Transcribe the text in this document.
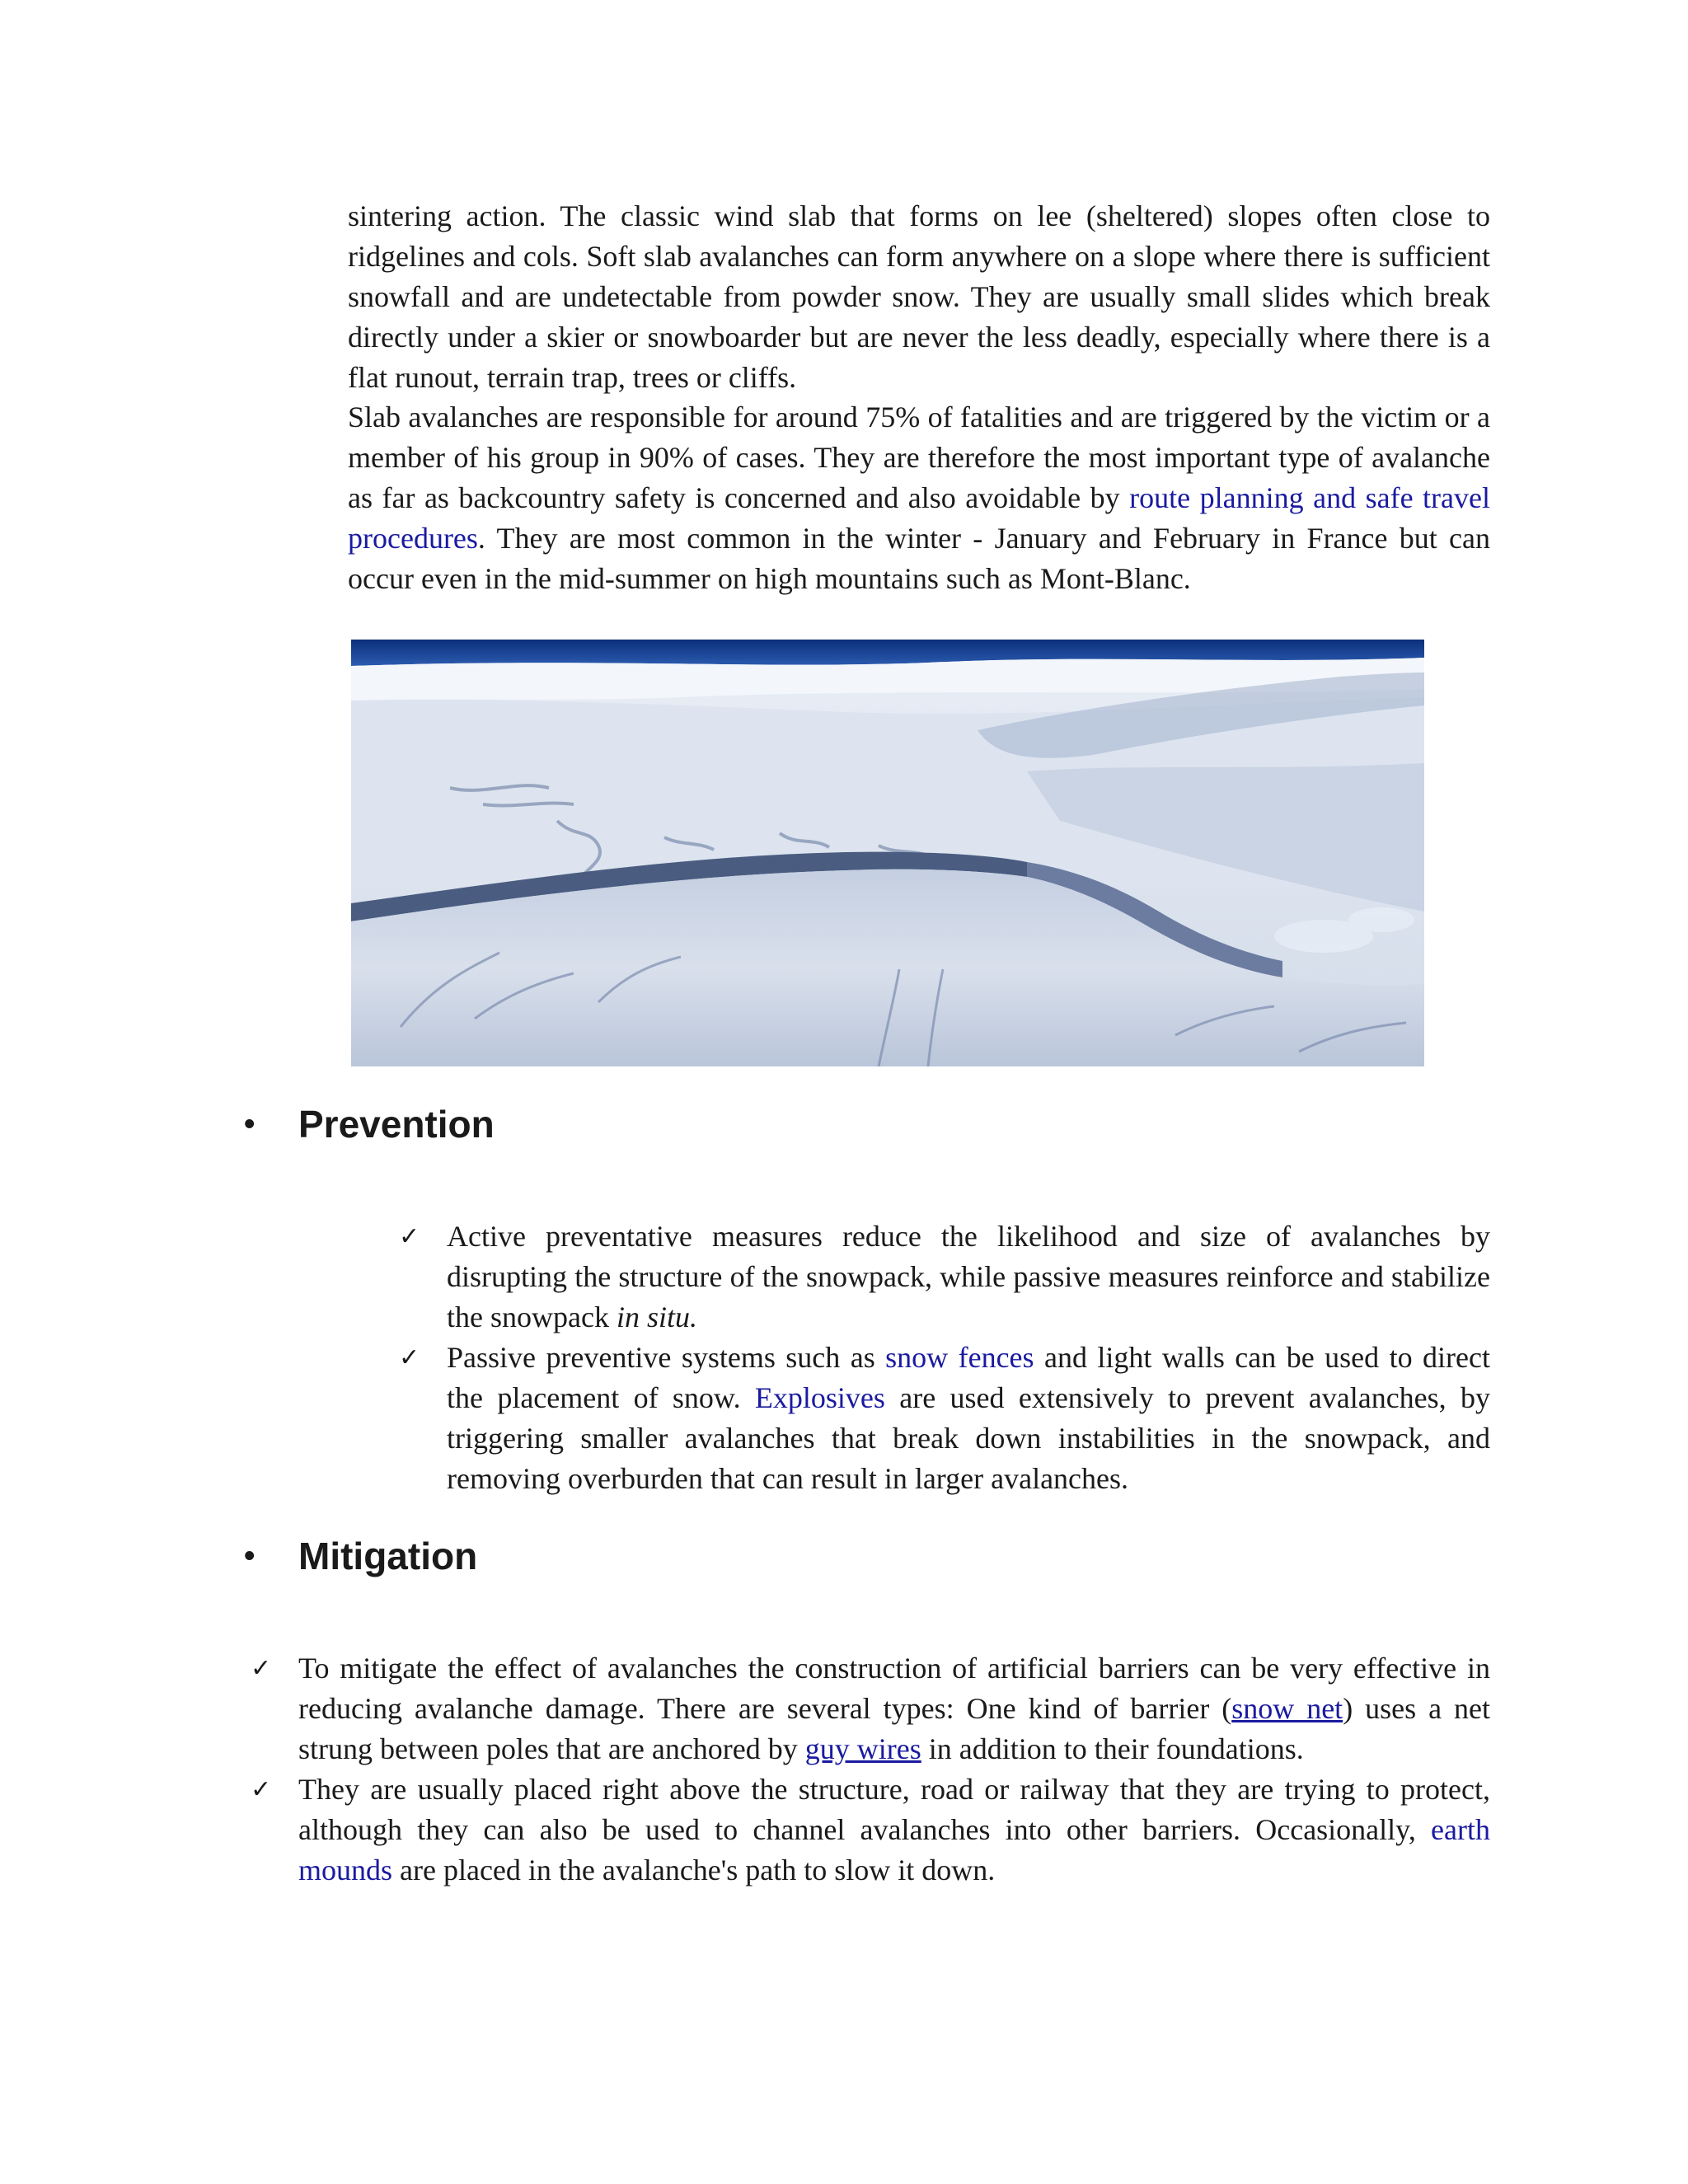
sintering action. The classic wind slab that forms on lee (sheltered) slopes often close to ridgelines and cols. Soft slab avalanches can form anywhere on a slope where there is sufficient snowfall and are undetectable from powder snow. They are usually small slides which break directly under a skier or snowboarder but are never the less deadly, especially where there is a flat runout, terrain trap, trees or cliffs.

Slab avalanches are responsible for around 75% of fatalities and are triggered by the victim or a member of his group in 90% of cases. They are therefore the most important type of avalanche as far as backcountry safety is concerned and also avoidable by route planning and safe travel procedures. They are most common in the winter - January and February in France but can occur even in the mid-summer on high mountains such as Mont-Blanc.

•	Prevention
✓ Active preventative measures reduce the likelihood and size of avalanches by disrupting the structure of the snowpack, while passive measures reinforce and stabilize the snowpack in situ.
✓ Passive preventive systems such as snow fences and light walls can be used to direct the placement of snow. Explosives are used extensively to prevent avalanches, by triggering smaller avalanches that break down instabilities in the snowpack, and removing overburden that can result in larger avalanches.
•	Mitigation
✓ To mitigate the effect of avalanches the construction of artificial barriers can be very effective in reducing avalanche damage. There are several types: One kind of barrier (snow net) uses a net strung between poles that are anchored by guy wires in addition to their foundations.
✓ They are usually placed right above the structure, road or railway that they are trying to protect, although they can also be used to channel avalanches into other barriers. Occasionally, earth mounds are placed in the avalanche's path to slow it down.
